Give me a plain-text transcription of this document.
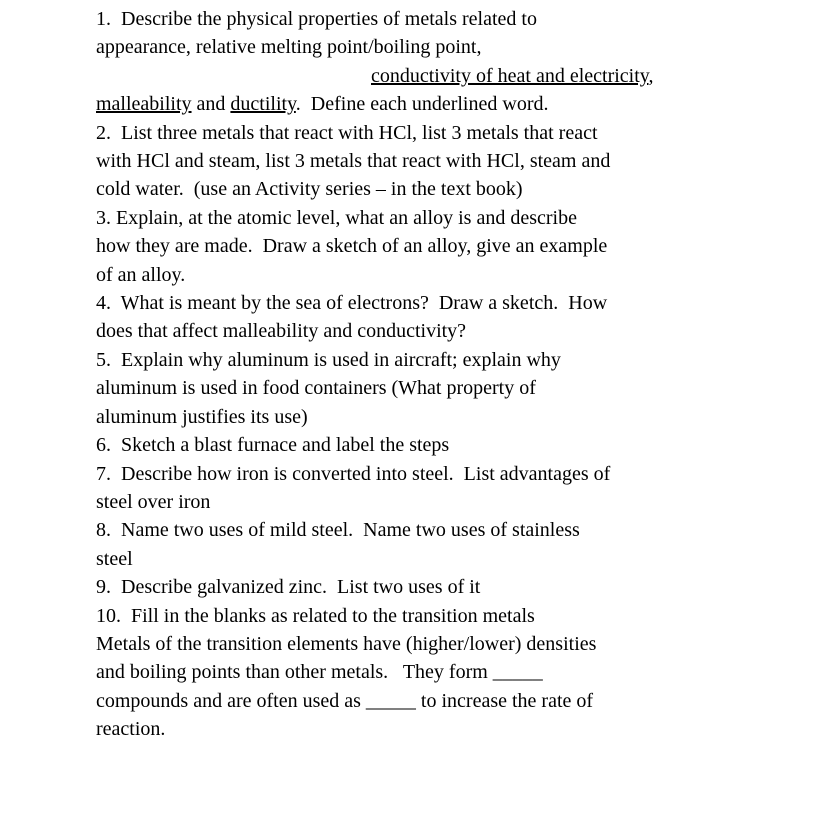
1.  Describe the physical properties of metals related to
appearance, relative melting point/boiling point,
conductivity of heat and electricity,
malleability and ductility.  Define each underlined word.
2.  List three metals that react with HCl, list 3 metals that react
with HCl and steam, list 3 metals that react with HCl, steam and
cold water.  (use an Activity series – in the text book)
3. Explain, at the atomic level, what an alloy is and describe
how they are made.  Draw a sketch of an alloy, give an example
of an alloy.
4.  What is meant by the sea of electrons?  Draw a sketch.  How
does that affect malleability and conductivity?
5.  Explain why aluminum is used in aircraft; explain why
aluminum is used in food containers (What property of
aluminum justifies its use)
6.  Sketch a blast furnace and label the steps
7.  Describe how iron is converted into steel.  List advantages of
steel over iron
8.  Name two uses of mild steel.  Name two uses of stainless
steel
9.  Describe galvanized zinc.  List two uses of it
10.  Fill in the blanks as related to the transition metals
Metals of the transition elements have (higher/lower) densities
and boiling points than other metals.   They form _____
compounds and are often used as _____ to increase the rate of
reaction.
